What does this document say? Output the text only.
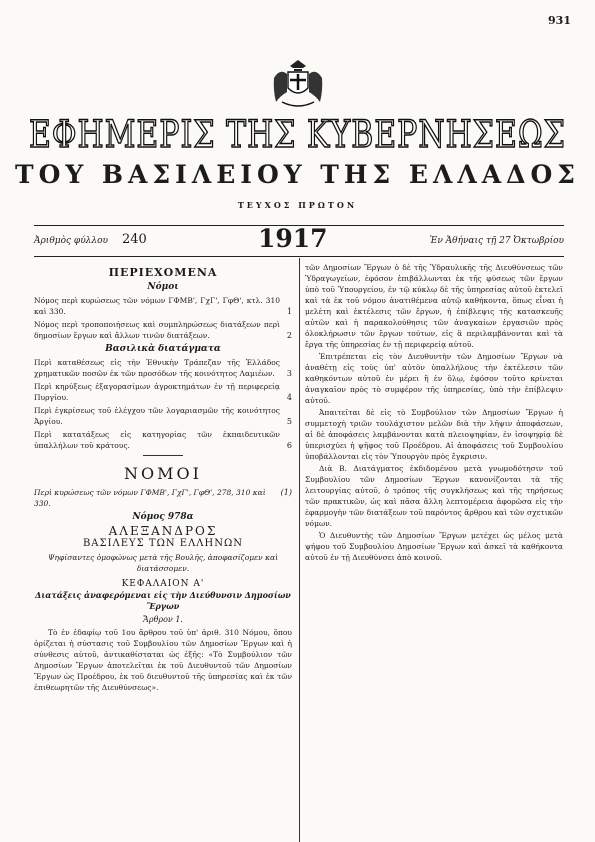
931
ΕΦΗΜΕΡΙΣ ΤΗΣ ΚΥΒΕΡΝΗΣΕΩΣ
ΤΟΥ ΒΑΣΙΛΕΙΟΥ ΤΗΣ ΕΛΛΑΔΟΣ
ΤΕΥΧΟΣ ΠΡΩΤΟΝ
Ἀριθμὸς φύλλου 240	1917	Ἐν Ἀθήναις τῇ 27 Ὀκτωβρίου
ΠΕΡΙΕΧΟΜΕΝΑ
Νόμοι
Νόμος περὶ κυρώσεως τῶν νόμων ΓΦΜΒ', ΓχΓ', ΓφΘ', κτλ. 310 καὶ 330.	1
Νόμος περὶ τροποποιήσεως καὶ συμπληρώσεως διατάξεων περὶ δημοσίων ἔργων καὶ ἄλλων τινῶν διατάξεων.	2
Βασιλικὰ διατάγματα
Περὶ καταθέσεως εἰς τὴν Ἐθνικὴν Τράπεζαν τῆς Ἑλλάδος χρηματικῶν ποσῶν ἐκ τῶν προσόδων τῆς κοινότητος Λαμιέων. 3
Περὶ κηρύξεως ἐξαγορασίμων ἀγροκτημάτων ἐν τῇ περιφερείᾳ Πυργίου.	4
Περὶ ἐγκρίσεως τοῦ ἐλέγχου τῶν λογαριασμῶν τῆς κοινότητος Ἀργίου.	5
Περὶ κατατάξεως εἰς κατηγορίας τῶν ἐκπαιδευτικῶν ὑπαλλήλων τοῦ κράτους.	6
ΝΟΜΟΙ
Περὶ κυρώσεως τῶν νόμων ΓΦΜΒ', ΓχΓ', ΓφΘ', 278, 310 καὶ 330.
(1)
Νόμος 978α
ΑΛΕΞΑΝΔΡΟΣ
ΒΑΣΙΛΕΥΣ ΤΩΝ ΕΛΛΗΝΩΝ
Ψηφίσαντες ὁμοφώνως μετὰ τῆς Βουλῆς, ἀποφασίζομεν καὶ διατάσσομεν.
ΚΕΦΑΛΑΙΟΝ Α'
Διατάξεις ἀναφερόμεναι εἰς τὴν Διεύθυνσιν Δημοσίων Ἔργων
Ἄρθρον 1.

Τὸ ἐν ἐδαφίῳ τοῦ 1ου ἄρθρου τοῦ ὑπ' ἀριθ. 310 Νόμου, ὅπου ὁρίζεται ἡ σύστασις τοῦ Συμβουλίου τῶν Δημοσίων Ἔργων καὶ ἡ σύνθεσις αὐτοῦ, ἀντικαθίσταται ὡς ἑξῆς: «Τὸ Συμβούλιον τῶν Δημοσίων Ἔργων ἀποτελεῖται ἐκ τοῦ Διευθυντοῦ τῶν Δημοσίων Ἔργων ὡς Προέδρου, ἐκ τοῦ διευθυντοῦ τῆς ὑπηρεσίας καὶ ἐκ τῶν ἐπιθεωρητῶν τῆς Διευθύνσεως».

τῶν Δημοσίων Ἔργων ὁ δὲ τῆς Ὑδραυλικῆς τῆς Διευθύνσεως τῶν Ὑδραγωγείων, ἐφόσον ἐπιβάλλωνται ἐκ τῆς φύσεως τῶν ἔργων ὑπὸ τοῦ Ὑπουργείου, ἐν τῷ κύκλῳ δὲ τῆς ὑπηρεσίας αὐτοῦ ἐκτελεῖ καὶ τὰ ἐκ τοῦ νόμου ἀνατιθέμενα αὐτῷ καθήκοντα, ὅπως εἶναι ἡ μελέτη καὶ ἐκτέλεσις τῶν ἔργων, ἡ ἐπίβλεψις τῆς κατασκευῆς αὐτῶν καὶ ἡ παρακολούθησις τῶν ἀναγκαίων ἐργασιῶν πρὸς ὁλοκλήρωσιν τῶν ἔργων τούτων, εἰς ἃ περιλαμβάνονται καὶ τὰ ἔργα τῆς ὑπηρεσίας ἐν τῇ περιφερείᾳ αὐτοῦ.

Ἐπιτρέπεται εἰς τὸν Διευθυντὴν τῶν Δημοσίων Ἔργων νὰ ἀναθέτῃ εἰς τοὺς ὑπ' αὐτὸν ὑπαλλήλους τὴν ἐκτέλεσιν τῶν καθηκόντων αὐτοῦ ἐν μέρει ἢ ἐν ὅλῳ, ἐφόσον τοῦτο κρίνεται ἀναγκαῖον πρὸς τὸ συμφέρον τῆς ὑπηρεσίας, ὑπὸ τὴν ἐπίβλεψιν αὐτοῦ.

Ἀπαιτεῖται δὲ εἰς τὸ Συμβούλιον τῶν Δημοσίων Ἔργων ἡ συμμετοχὴ τριῶν τουλάχιστον μελῶν διὰ τὴν λῆψιν ἀποφάσεων, αἱ δὲ ἀποφάσεις λαμβάνονται κατὰ πλειοψηφίαν, ἐν ἰσοψηφίᾳ δὲ ὑπερισχύει ἡ ψῆφος τοῦ Προέδρου. Αἱ ἀποφάσεις τοῦ Συμβουλίου ὑποβάλλονται εἰς τὸν Ὑπουργὸν πρὸς ἔγκρισιν.

Διὰ Β. Διατάγματος ἐκδιδομένου μετὰ γνωμοδότησιν τοῦ Συμβουλίου τῶν Δημοσίων Ἔργων κανονίζονται τὰ τῆς λειτουργίας αὐτοῦ, ὁ τρόπος τῆς συγκλήσεως καὶ τῆς τηρήσεως τῶν πρακτικῶν, ὡς καὶ πᾶσα ἄλλη λεπτομέρεια ἀφορῶσα εἰς τὴν ἐφαρμογὴν τῶν διατάξεων τοῦ παρόντος ἄρθρου καὶ τῶν σχετικῶν νόμων.

Ὁ Διευθυντὴς τῶν Δημοσίων Ἔργων μετέχει ὡς μέλος μετὰ ψήφου τοῦ Συμβουλίου Δημοσίων Ἔργων καὶ ἀσκεῖ τὰ καθήκοντα αὐτοῦ ἐν τῇ Διευθύνσει ἀπὸ κοινοῦ.
